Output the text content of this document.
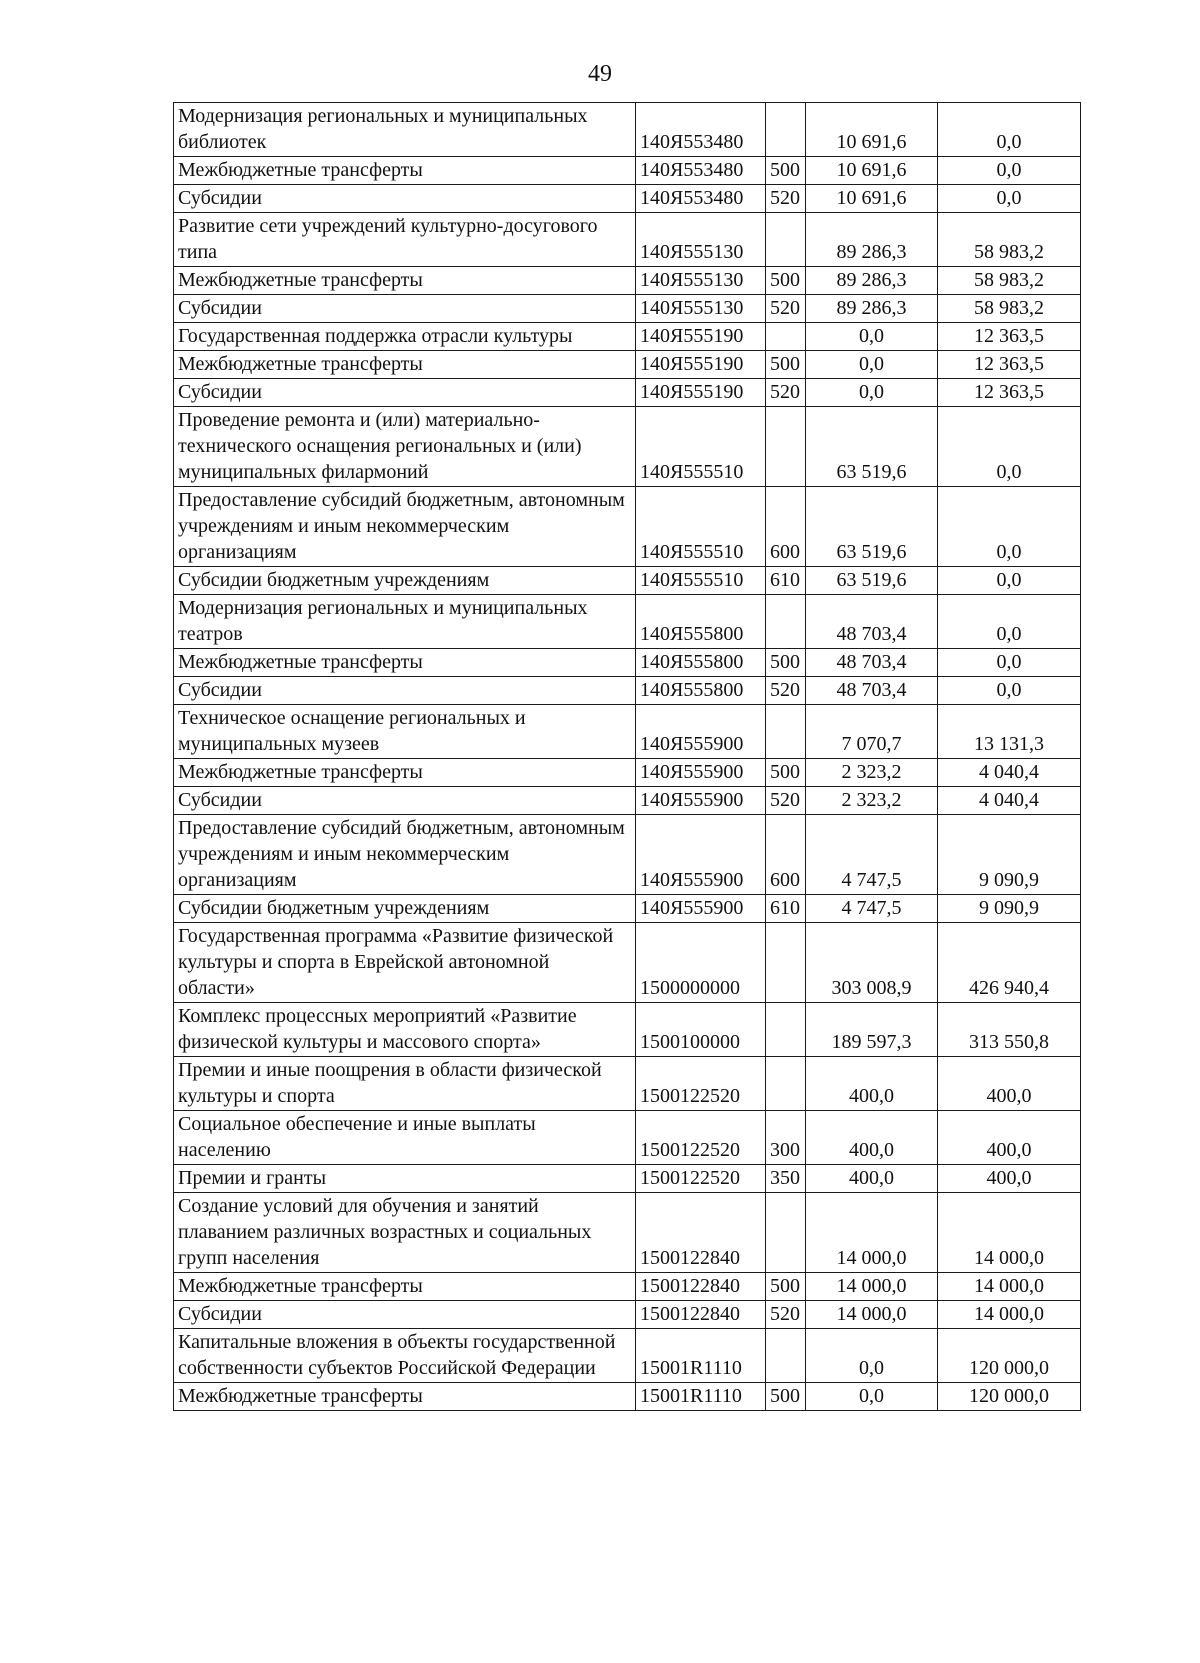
49
Модернизация региональных и муниципальных библиотек	140Я553480		10 691,6	0,0
Межбюджетные трансферты	140Я553480	500	10 691,6	0,0
Субсидии	140Я553480	520	10 691,6	0,0
Развитие сети учреждений культурно-досугового типа	140Я555130		89 286,3	58 983,2
Межбюджетные трансферты	140Я555130	500	89 286,3	58 983,2
Субсидии	140Я555130	520	89 286,3	58 983,2
Государственная поддержка отрасли культуры	140Я555190		0,0	12 363,5
Межбюджетные трансферты	140Я555190	500	0,0	12 363,5
Субсидии	140Я555190	520	0,0	12 363,5
Проведение ремонта и (или) материально-технического оснащения региональных и (или) муниципальных филармоний	140Я555510		63 519,6	0,0
Предоставление субсидий бюджетным, автономным учреждениям и иным некоммерческим организациям	140Я555510	600	63 519,6	0,0
Субсидии бюджетным учреждениям	140Я555510	610	63 519,6	0,0
Модернизация региональных и муниципальных театров	140Я555800		48 703,4	0,0
Межбюджетные трансферты	140Я555800	500	48 703,4	0,0
Субсидии	140Я555800	520	48 703,4	0,0
Техническое оснащение региональных и муниципальных музеев	140Я555900		7 070,7	13 131,3
Межбюджетные трансферты	140Я555900	500	2 323,2	4 040,4
Субсидии	140Я555900	520	2 323,2	4 040,4
Предоставление субсидий бюджетным, автономным учреждениям и иным некоммерческим организациям	140Я555900	600	4 747,5	9 090,9
Субсидии бюджетным учреждениям	140Я555900	610	4 747,5	9 090,9
Государственная программа «Развитие физической культуры и спорта в Еврейской автономной области»	1500000000		303 008,9	426 940,4
Комплекс процессных мероприятий «Развитие физической культуры и массового спорта»	1500100000		189 597,3	313 550,8
Премии и иные поощрения в области физической культуры и спорта	1500122520		400,0	400,0
Социальное обеспечение и иные выплаты населению	1500122520	300	400,0	400,0
Премии и гранты	1500122520	350	400,0	400,0
Создание условий для обучения и занятий плаванием различных возрастных и социальных групп населения	1500122840		14 000,0	14 000,0
Межбюджетные трансферты	1500122840	500	14 000,0	14 000,0
Субсидии	1500122840	520	14 000,0	14 000,0
Капитальные вложения в объекты государственной собственности субъектов Российской Федерации	15001R1110		0,0	120 000,0
Межбюджетные трансферты	15001R1110	500	0,0	120 000,0
